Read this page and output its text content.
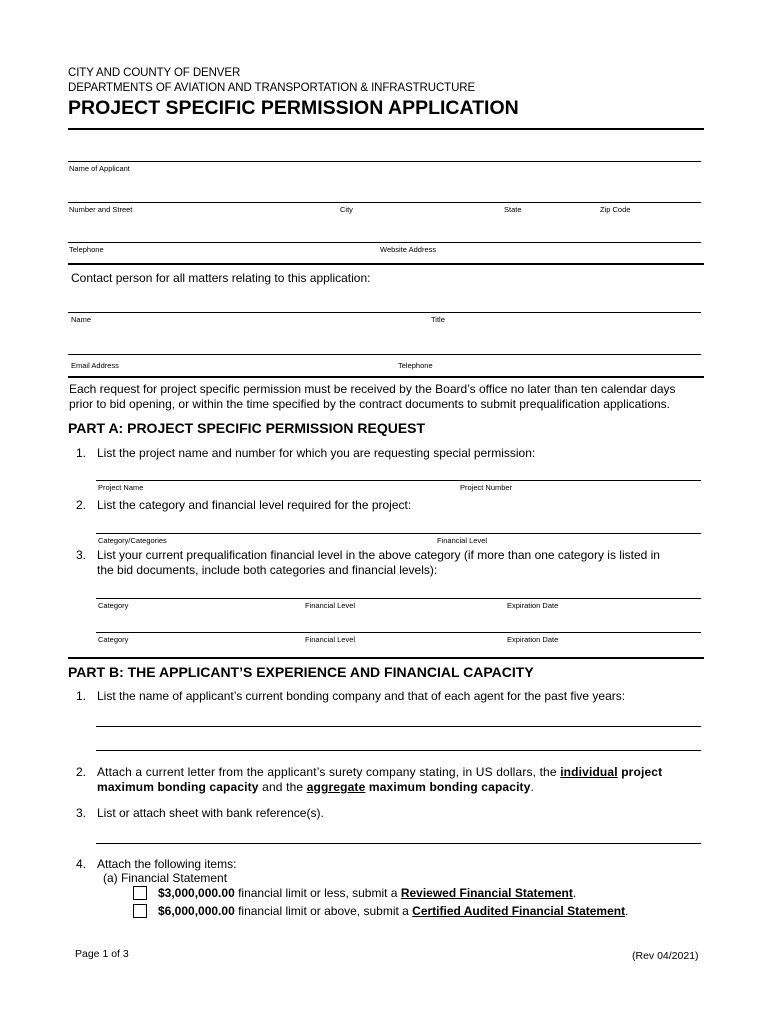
CITY AND COUNTY OF DENVER
DEPARTMENTS OF AVIATION AND TRANSPORTATION & INFRASTRUCTURE
PROJECT SPECIFIC PERMISSION APPLICATION
Name of Applicant
Number and Street	City	State	Zip Code
Telephone	Website Address
Contact person for all matters relating to this application:
Name	Title
Email Address	Telephone
Each request for project specific permission must be received by the Board’s office no later than ten calendar days
prior to bid opening, or within the time specified by the contract documents to submit prequalification applications.
PART A: PROJECT SPECIFIC PERMISSION REQUEST
1. List the project name and number for which you are requesting special permission:
Project Name	Project Number
2. List the category and financial level required for the project:
Category/Categories	Financial Level
3. List your current prequalification financial level in the above category (if more than one category is listed in
the bid documents, include both categories and financial levels):
Category	Financial Level	Expiration Date
Category	Financial Level	Expiration Date
PART B: THE APPLICANT’S EXPERIENCE AND FINANCIAL CAPACITY
1. List the name of applicant’s current bonding company and that of each agent for the past five years:
2. Attach a current letter from the applicant’s surety company stating, in US dollars, the individual project
maximum bonding capacity and the aggregate maximum bonding capacity.
3. List or attach sheet with bank reference(s).
4. Attach the following items:
(a) Financial Statement
$3,000,000.00 financial limit or less, submit a Reviewed Financial Statement.
$6,000,000.00 financial limit or above, submit a Certified Audited Financial Statement.
Page 1 of 3	(Rev 04/2021)
